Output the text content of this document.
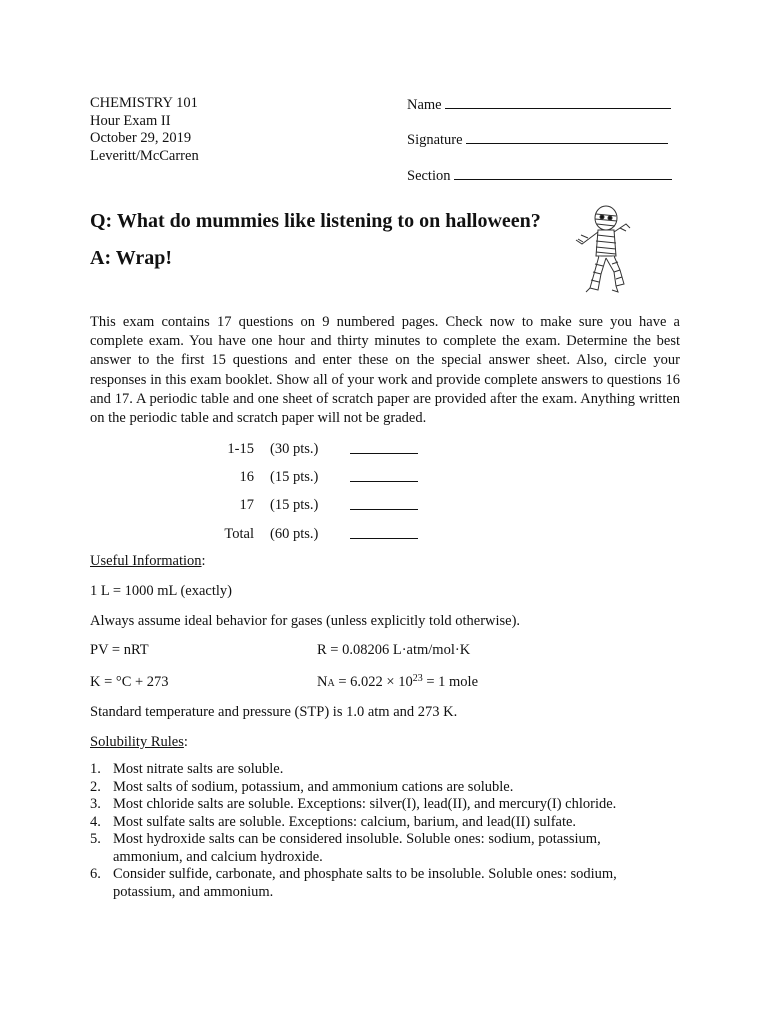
CHEMISTRY 101
Hour Exam II
October 29, 2019
Leveritt/McCarren
Name
Signature
Section
Q: What do mummies like listening to on halloween?
A: Wrap!
This exam contains 17 questions on 9 numbered pages. Check now to make sure you have a complete exam. You have one hour and thirty minutes to complete the exam. Determine the best answer to the first 15 questions and enter these on the special answer sheet. Also, circle your responses in this exam booklet. Show all of your work and provide complete answers to questions 16 and 17. A periodic table and one sheet of scratch paper are provided after the exam. Anything written on the periodic table and scratch paper will not be graded.
1-15 (30 pts.)
16 (15 pts.)
17 (15 pts.)
Total (60 pts.)
Useful Information:
1 L = 1000 mL (exactly)
Always assume ideal behavior for gases (unless explicitly told otherwise).
PV = nRT	R = 0.08206 L·atm/mol·K
K = °C + 273	NA = $6.022 \times 10^{23} = 1$ mole
Standard temperature and pressure (STP) is 1.0 atm and 273 K.
Solubility Rules:
1. Most nitrate salts are soluble.
2. Most salts of sodium, potassium, and ammonium cations are soluble.
3. Most chloride salts are soluble. Exceptions: silver(I), lead(II), and mercury(I) chloride.
4. Most sulfate salts are soluble. Exceptions: calcium, barium, and lead(II) sulfate.
5. Most hydroxide salts can be considered insoluble. Soluble ones: sodium, potassium, ammonium, and calcium hydroxide.
6. Consider sulfide, carbonate, and phosphate salts to be insoluble. Soluble ones: sodium, potassium, and ammonium.
